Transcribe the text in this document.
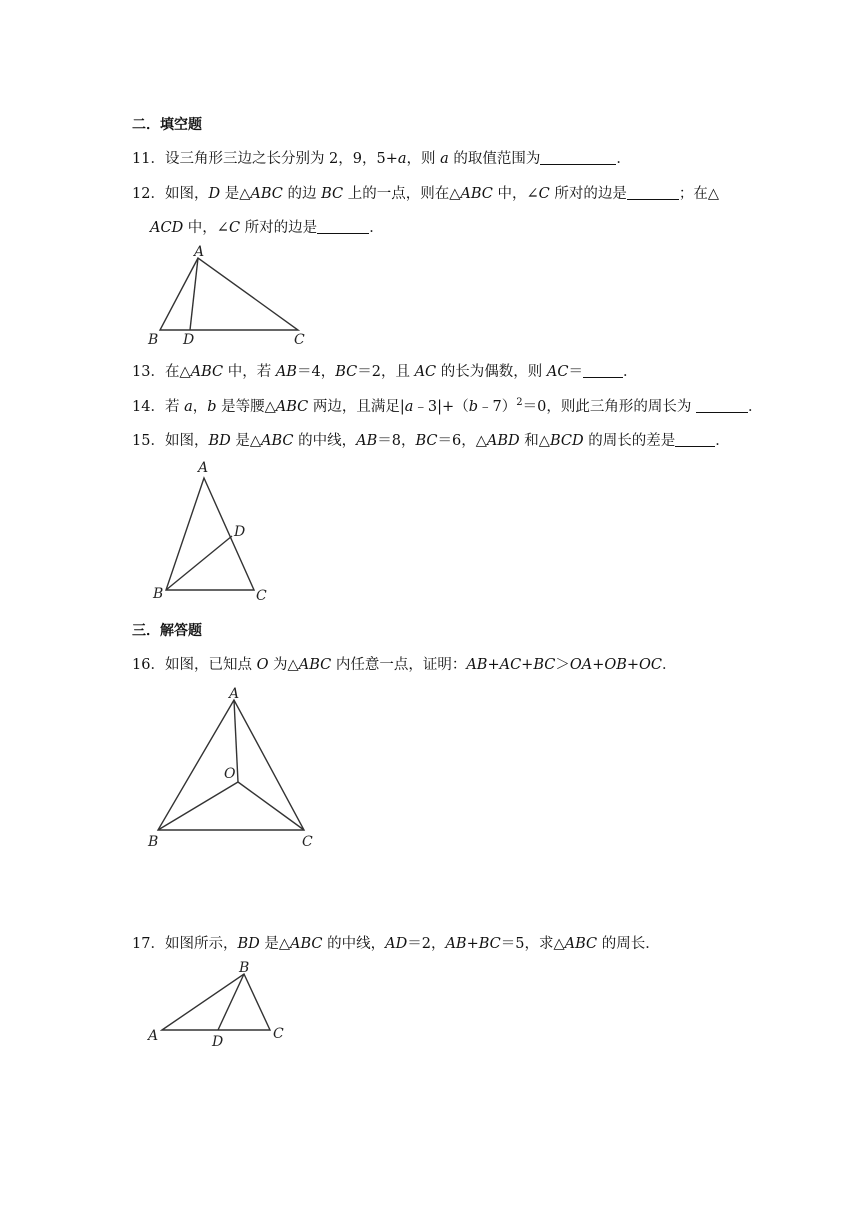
二．填空题
11．设三角形三边之长分别为 2，9，5+a，则 a 的取值范围为	．
12．如图，D 是△ABC 的边 BC 上的一点，则在△ABC 中，∠C 所对的边是	；在△
ACD 中，∠C 所对的边是	．
A
B D	C
13．在△ABC 中，若 AB＝4，BC＝2，且 AC 的长为偶数，则 AC＝	．
14．若 a，b 是等腰△ABC 两边，且满足|a﹣3|+（b﹣7）$^2$＝0，则此三角形的周长为	．
15．如图，BD 是△ABC 的中线，AB＝8，BC＝6，△ABD 和△BCD 的周长的差是	．
A
D
B	C
三．解答题
16．如图，已知点 O 为△ABC 内任意一点，证明：AB+AC+BC＞OA+OB+OC．
A
O
B	C
17．如图所示，BD 是△ABC 的中线，AD＝2，AB+BC＝5，求△ABC 的周长．
B
A	D	C
